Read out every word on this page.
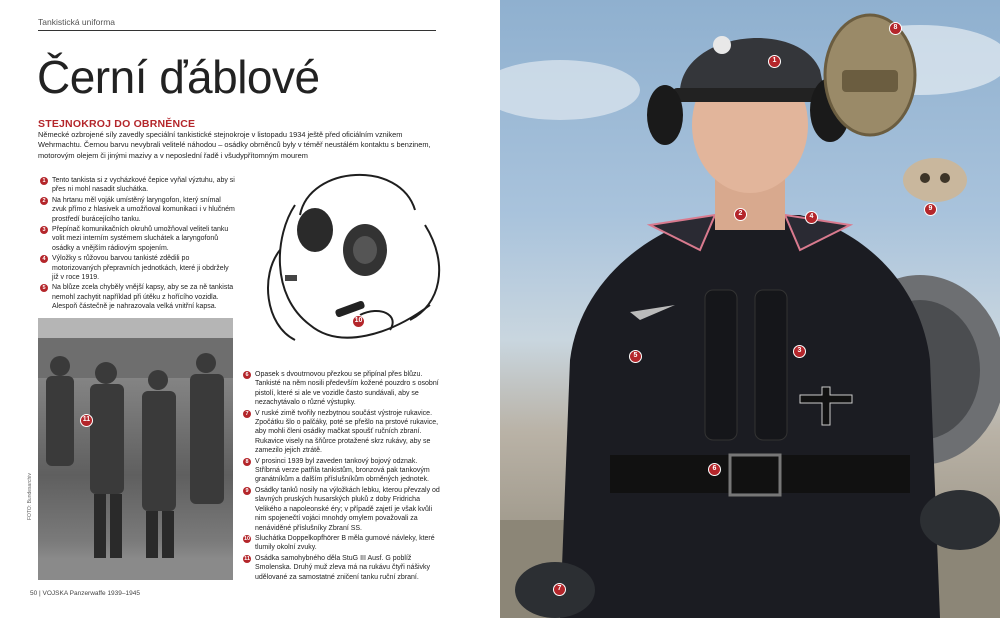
Tankistická uniforma
Černí ďáblové
STEJNOKROJ DO OBRNĚNCE
Německé ozbrojené síly zavedly speciální tankistické stejnokroje v listopadu 1934 ještě před oficiálním vznikem Wehrmachtu. Černou barvu nevybrali velitelé náhodou – osádky obrněnců byly v téměř neustálém kontaktu s benzinem, motorovým olejem či jinými mazivy a v neposlední řadě i všudypřítomným mourem
1 Tento tankista si z vycházkové čepice vyňal výztuhu, aby si přes ni mohl nasadit sluchátka.
2 Na hrtanu měl voják umístěný laryngofon, který snímal zvuk přímo z hlasivek a umožňoval komunikaci i v hlučném prostředí burácejícího tanku.
3 Přepínač komunikačních okruhů umožňoval veliteli tanku volit mezi interním systémem sluchátek a laryngofonů osádky a vnějším rádiovým spojením.
4 Výložky s růžovou barvou tankisté zdědili po motorizovaných přepravních jednotkách, které ji obdržely již v roce 1919.
5 Na blůze zcela chyběly vnější kapsy, aby se za ně tankista nemohl zachytit například při útěku z hořícího vozidla. Alespoň částečně je nahrazovala velká vnitřní kapsa.
10
11
FOTO: Bundesarchiv
6 Opasek s dvoutrnovou přezkou se připínal přes blůzu. Tankisté na něm nosili především kožené pouzdro s osobní pistolí, které si ale ve vozidle často sundávali, aby se nezachytávalo o různé výstupky.
7 V ruské zimě tvořily nezbytnou součást výstroje rukavice. Zpočátku šlo o palčáky, poté se přešlo na prstové rukavice, aby mohli členi osádky mačkat spoušť ručních zbraní. Rukavice visely na šňůrce protažené skrz rukávy, aby se zamezilo jejich ztrátě.
8 V prosinci 1939 byl zaveden tankový bojový odznak. Stříbrná verze patřila tankistům, bronzová pak tankovým granátníkům a dalším příslušníkům obrněných jednotek.
9 Osádky tanků nosily na výložkách lebku, kterou převzaly od slavných pruských husarských pluků z doby Fridricha Velikého a napoleonské éry; v případě zajetí je však kvůli nim spojenečtí vojáci mnohdy omylem považovali za nenáviděné příslušníky Zbraní SS.
10 Sluchátka Doppelkopfhörer B měla gumové návleky, které tlumily okolní zvuky.
11 Osádka samohybného děla StuG III Ausf. G poblíž Smolenska. Druhý muž zleva má na rukávu čtyři nášivky udělované za samostatné zničení tanku ruční zbraní.
50 | VOJSKA Panzerwaffe 1939–1945
1
2
3
4
5
6
7
8
9
